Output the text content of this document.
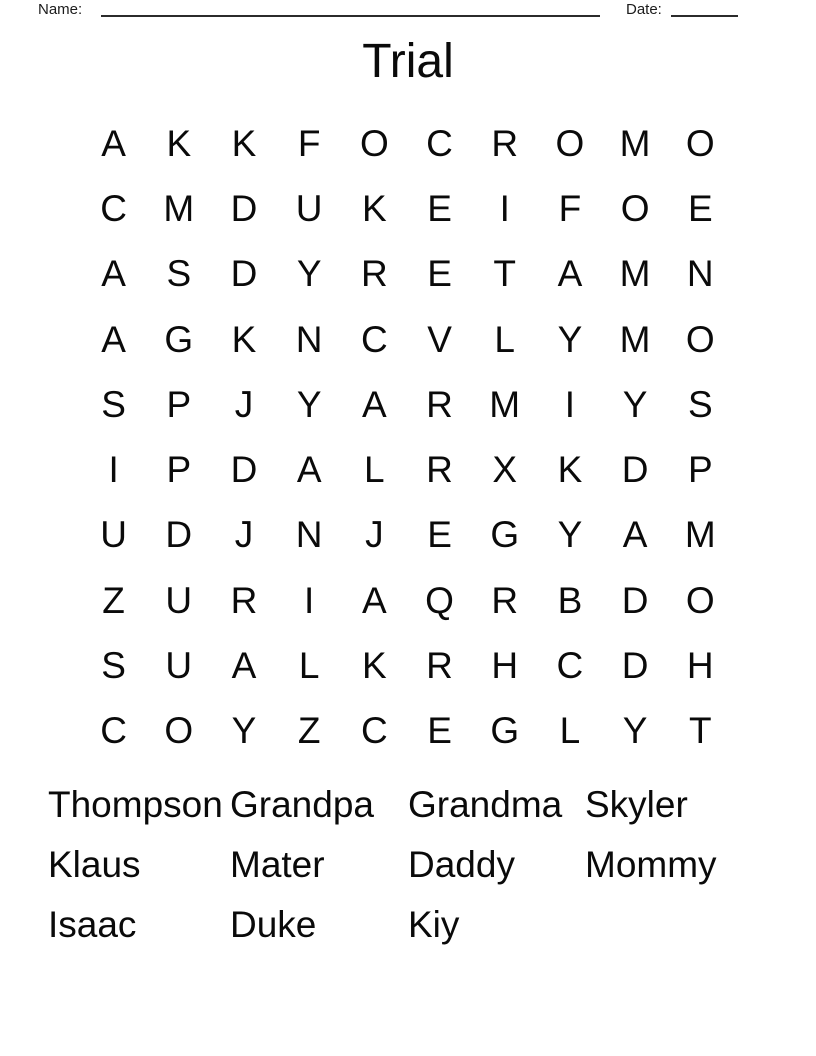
Name:	Date:
Trial
A	K	K	F	O	C	R	O M O
C M D	U	K	E	I	F	O	E
A	S	D	Y	R	E	T	A	M N
A	G	K	N	C	V	L	Y	M O
S	P	J	Y	A	R M	I	Y	S
I	P	D	A	L	R	X	K	D	P
U	D	J	N	J	E	G	Y	A	M
Z	U	R	I	A	Q	R	B	D	O
S	U	A	L	K	R	H	C	D	H
C	O	Y	Z	C	E	G	L	Y	T
Thompson Grandpa Grandma Skyler
Klaus	Mater	Daddy	Mommy
Isaac	Duke	Kiy
